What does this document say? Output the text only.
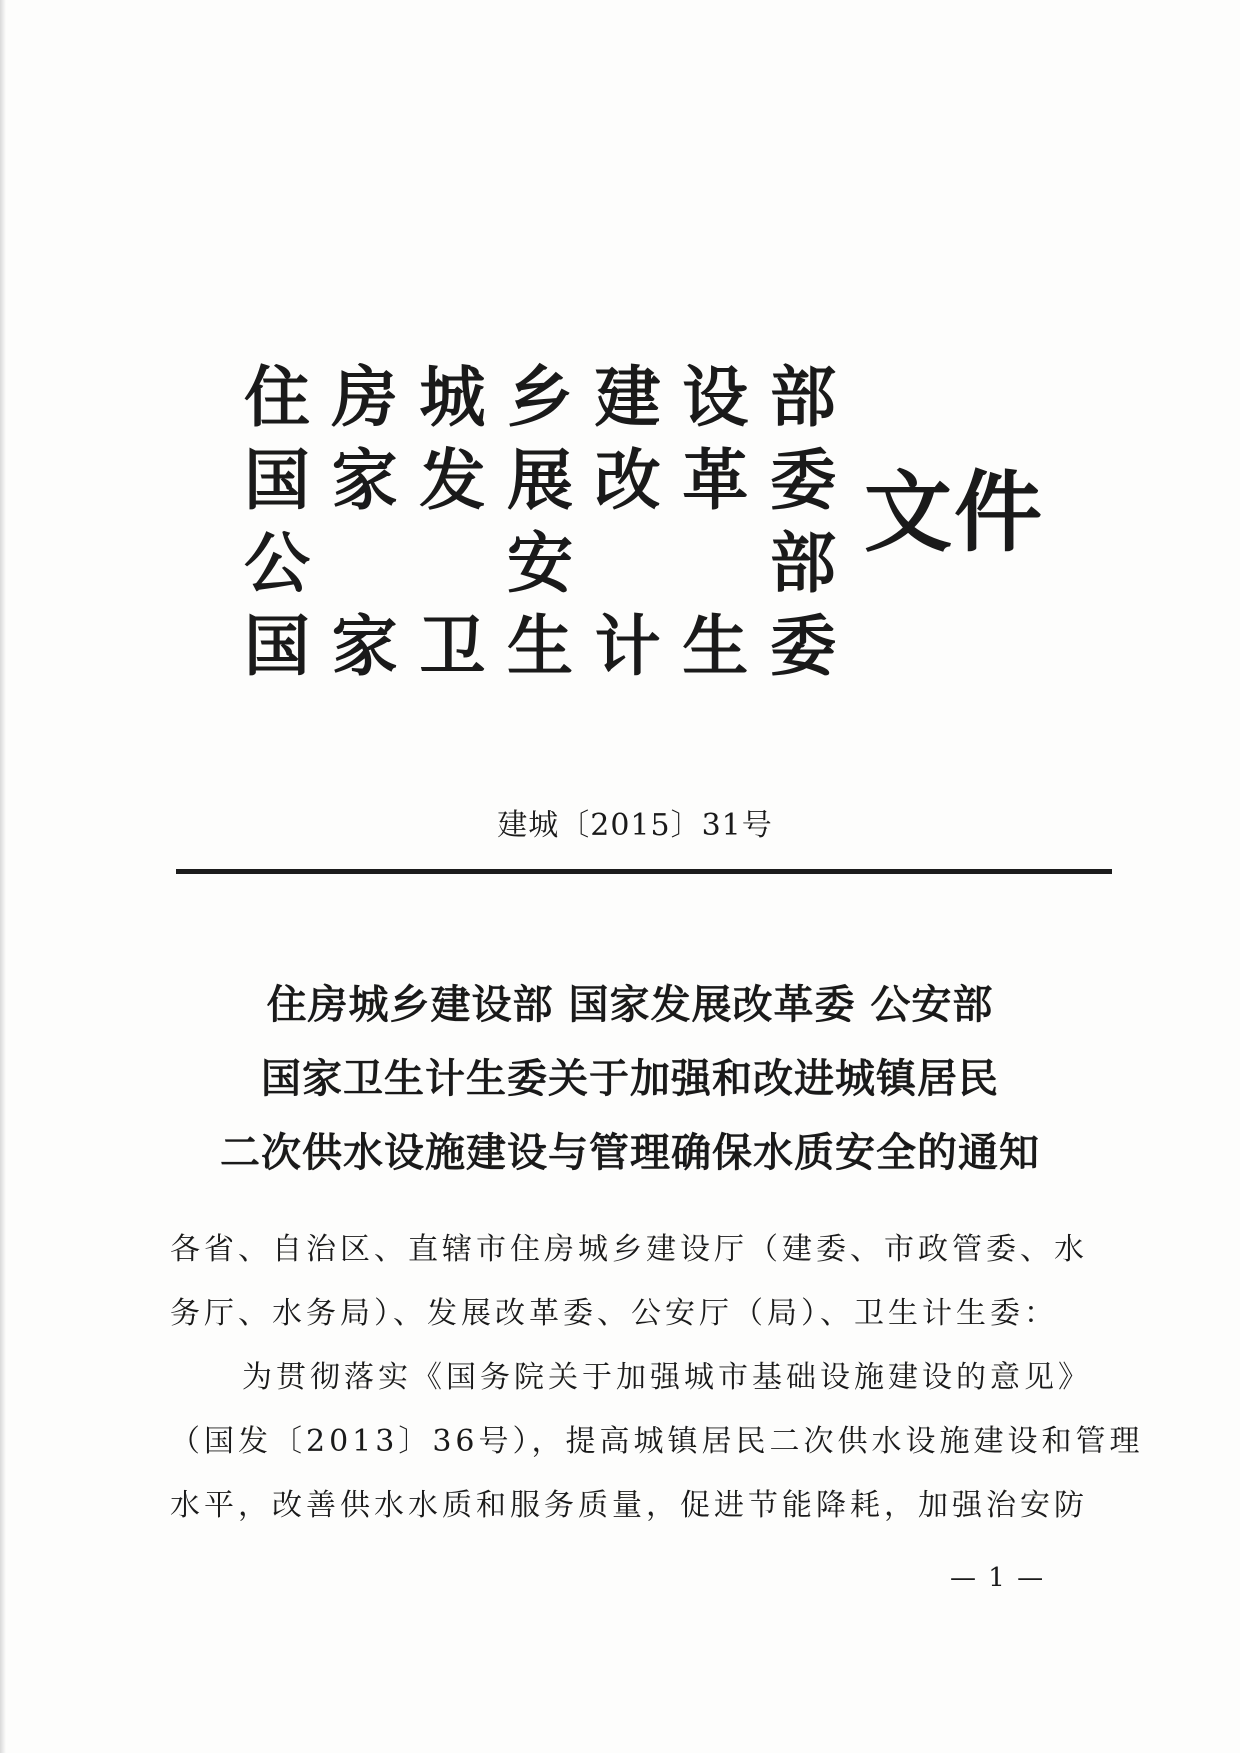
住 房 城 乡 建 设 部
国 家 发 展 改 革 委
公	安	部
国 家 卫 生 计 生 委
文件
建城〔2015〕31号
住房城乡建设部 国家发展改革委 公安部
国家卫生计生委关于加强和改进城镇居民
二次供水设施建设与管理确保水质安全的通知

各省、自治区、直辖市住房城乡建设厅（建委、市政管委、水

务厅、水务局）、发展改革委、公安厅（局）、卫生计生委：

为贯彻落实《国务院关于加强城市基础设施建设的意见》

（国发〔2013〕36号），提高城镇居民二次供水设施建设和管理

水平，改善供水水质和服务质量，促进节能降耗，加强治安防

— 1 —
